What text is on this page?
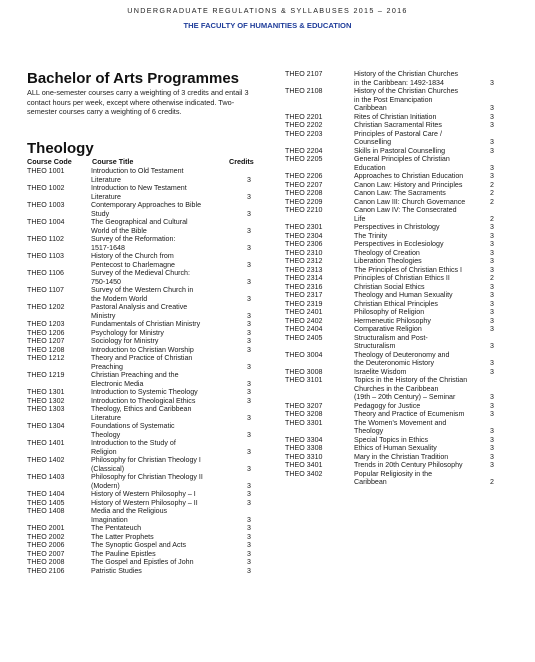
UNDERGRADUATE REGULATIONS & SYLLABUSES 2015 – 2016
THE FACULTY OF HUMANITIES & EDUCATION
Bachelor of Arts Programmes

ALL one-semester courses carry a weighting of 3 credits and entail 3 contact hours per week, except where otherwise indicated. Two-semester courses carry a weighting of 6 credits.

Theology
Course Code	Course Title	Credits
THEO 1001	Introduction to Old Testament
Literature	3
THEO 1002	Introduction to New Testament
Literature	3
THEO 1003	Contemporary Approaches to Bible
Study	3
THEO 1004	The Geographical and Cultural
World of the Bible	3
THEO 1102	Survey of the Reformation:
1517-1648	3
THEO 1103	History of the Church from
Pentecost to Charlemagne	3
THEO 1106	Survey of the Medieval Church:
750-1450	3
THEO 1107	Survey of the Western Church in
the Modern World	3
THEO 1202	Pastoral Analysis and Creative
Ministry	3
THEO 1203	Fundamentals of Christian Ministry	3
THEO 1206	Psychology for Ministry	3
THEO 1207	Sociology for Ministry	3
THEO 1208	Introduction to Christian Worship	3
THEO 1212	Theory and Practice of Christian
Preaching	3
THEO 1219	Christian Preaching and the
Electronic Media	3
THEO 1301	Introduction to Systemic Theology	3
THEO 1302	Introduction to Theological Ethics	3
THEO 1303	Theology, Ethics and Caribbean
Literature	3
THEO 1304	Foundations of Systematic
Theology	3
THEO 1401	Introduction to the Study of
Religion	3
THEO 1402	Philosophy for Christian Theology I
(Classical)	3
THEO 1403	Philosophy for Christian Theology II
(Modern)	3
THEO 1404	History of Western Philosophy – I	3
THEO 1405	History of Western Philosophy – II	3
THEO 1408	Media and the Religious
Imagination	3
THEO 2001	The Pentateuch	3
THEO 2002	The Latter Prophets	3
THEO 2006	The Synoptic Gospel and Acts	3
THEO 2007	The Pauline Epistles	3
THEO 2008	The Gospel and Epistles of John	3
THEO 2106	Patristic Studies	3
THEO 2107	History of the Christian Churches
in the Caribbean: 1492-1834	3
THEO 2108	History of the Christian Churches
in the Post Emancipation
Caribbean	3
THEO 2201	Rites of Christian Initiation	3
THEO 2202	Christian Sacramental Rites	3
THEO 2203	Principles of Pastoral Care /
Counselling	3
THEO 2204	Skills in Pastoral Counselling	3
THEO 2205	General Principles of Christian
Education	3
THEO 2206	Approaches to Christian Education	3
THEO 2207	Canon Law: History and Principles	2
THEO 2208	Canon Law: The Sacraments	2
THEO 2209	Canon Law III: Church Governance	2
THEO 2210	Canon Law IV: The Consecrated
Life	2
THEO 2301	Perspectives in Christology	3
THEO 2304	The Trinity	3
THEO 2306	Perspectives in Ecclesiology	3
THEO 2310	Theology of Creation	3
THEO 2312	Liberation Theologies	3
THEO 2313	The Principles of Christian Ethics I	3
THEO 2314	Principles of Christian Ethics II	2
THEO 2316	Christian Social Ethics	3
THEO 2317	Theology and Human Sexuality	3
THEO 2319	Christian Ethical Principles	3
THEO 2401	Philosophy of Religion	3
THEO 2402	Hermeneutic Philosophy	3
THEO 2404	Comparative Religion	3
THEO 2405	Structuralism and Post-
Structuralism	3
THEO 3004	Theology of Deuteronomy and
the Deuteronomic History	3
THEO 3008	Israelite Wisdom	3
THEO 3101	Topics in the History of the Christian
Churches in the Caribbean
(19th – 20th Century) – Seminar	3
THEO 3207	Pedagogy for Justice	3
THEO 3208	Theory and Practice of Ecumenism	3
THEO 3301	The Women's Movement and
Theology	3
THEO 3304	Special Topics in Ethics	3
THEO 3308	Ethics of Human Sexuality	3
THEO 3310	Mary in the Christian Tradition	3
THEO 3401	Trends in 20th Century Philosophy	3
THEO 3402	Popular Religiosity in the
Caribbean	2
